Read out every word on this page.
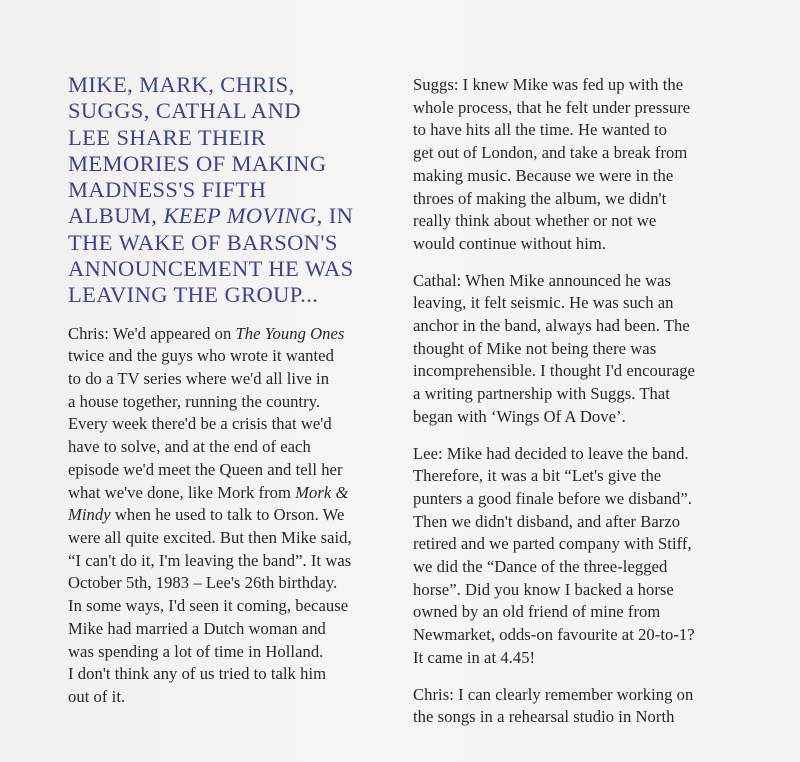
MIKE, MARK, CHRIS,
SUGGS, CATHAL AND
LEE SHARE THEIR
MEMORIES OF MAKING
MADNESS'S FIFTH
ALBUM, KEEP MOVING, IN
THE WAKE OF BARSON'S
ANNOUNCEMENT HE WAS
LEAVING THE GROUP...

Chris: We'd appeared on The Young Ones
twice and the guys who wrote it wanted
to do a TV series where we'd all live in
a house together, running the country.
Every week there'd be a crisis that we'd
have to solve, and at the end of each
episode we'd meet the Queen and tell her
what we've done, like Mork from Mork &
Mindy when he used to talk to Orson. We
were all quite excited. But then Mike said,
“I can't do it, I'm leaving the band”. It was
October 5th, 1983 – Lee's 26th birthday.
In some ways, I'd seen it coming, because
Mike had married a Dutch woman and
was spending a lot of time in Holland.
I don't think any of us tried to talk him
out of it.

Suggs: I knew Mike was fed up with the
whole process, that he felt under pressure
to have hits all the time. He wanted to
get out of London, and take a break from
making music. Because we were in the
throes of making the album, we didn't
really think about whether or not we
would continue without him.

Cathal: When Mike announced he was
leaving, it felt seismic. He was such an
anchor in the band, always had been. The
thought of Mike not being there was
incomprehensible. I thought I'd encourage
a writing partnership with Suggs. That
began with ‘Wings Of A Dove’.

Lee: Mike had decided to leave the band.
Therefore, it was a bit “Let's give the
punters a good finale before we disband”.
Then we didn't disband, and after Barzo
retired and we parted company with Stiff,
we did the “Dance of the three-legged
horse”. Did you know I backed a horse
owned by an old friend of mine from
Newmarket, odds-on favourite at 20-to-1?
It came in at 4.45!

Chris: I can clearly remember working on
the songs in a rehearsal studio in North
